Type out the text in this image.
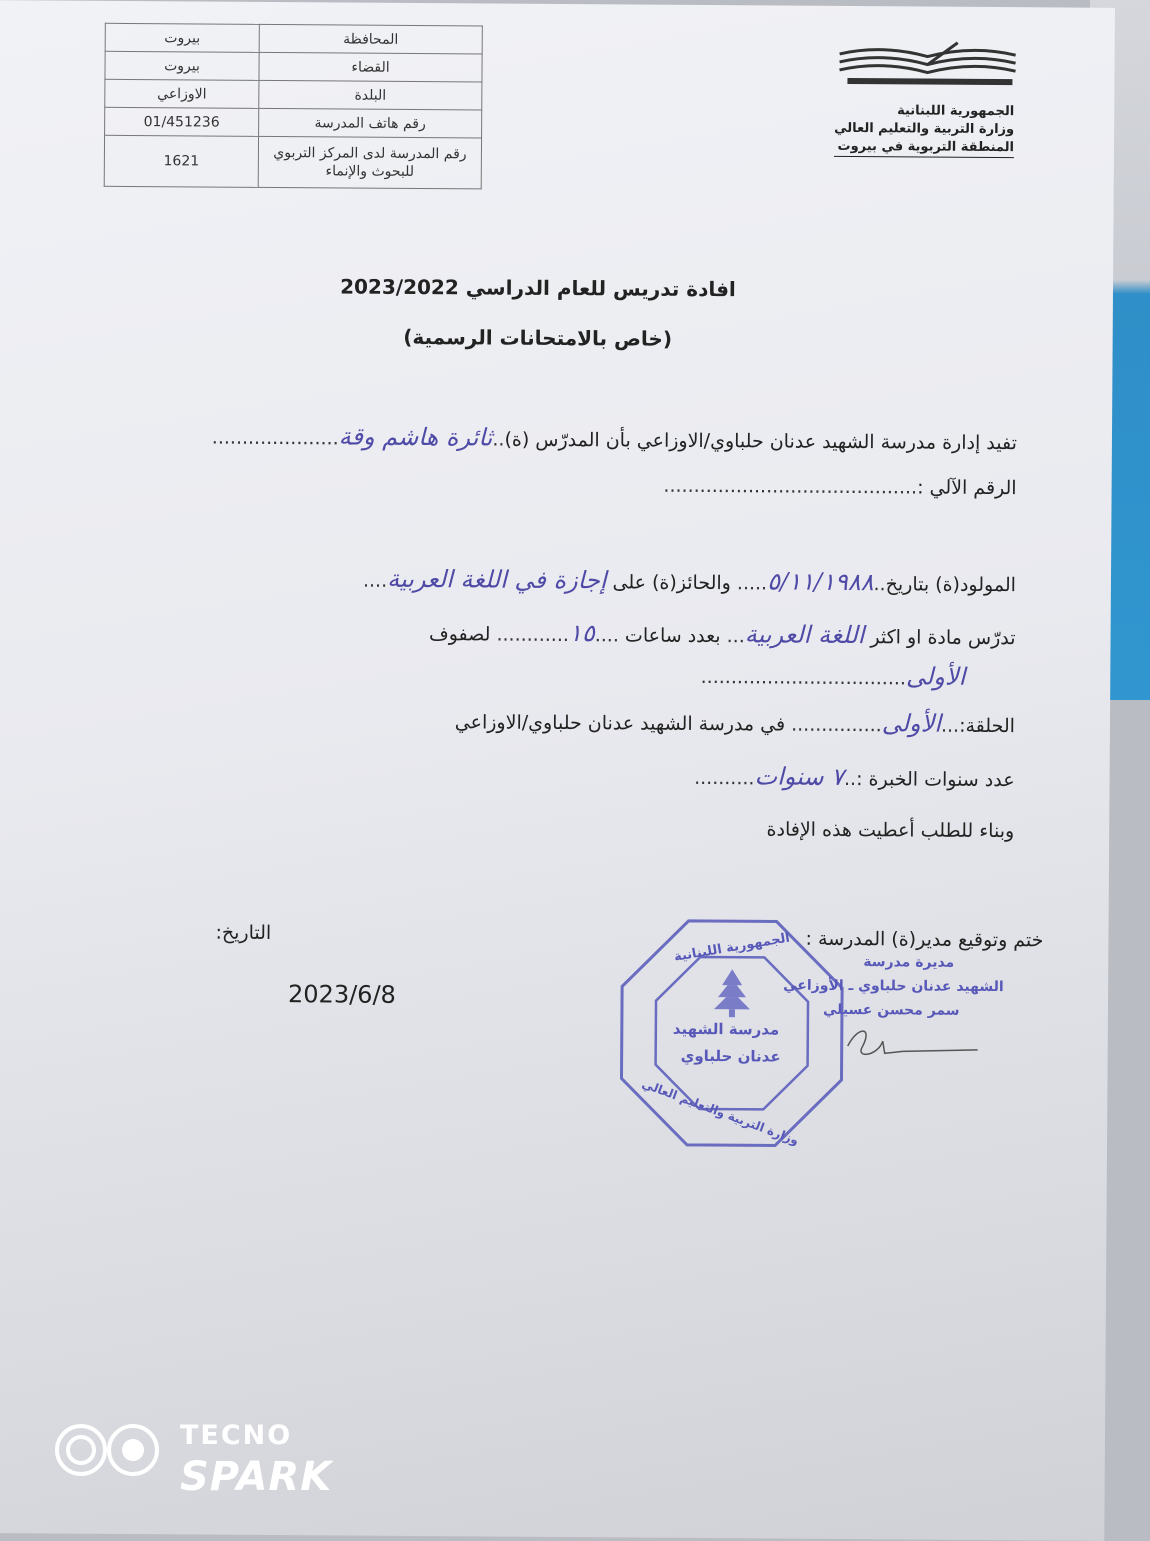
المحافظة	بيروت
القضاء	بيروت
البلدة	الاوزاعي
رقم هاتف المدرسة	01/451236
رقم المدرسة لدى المركز التربوي للبحوث والإنماء	1621
الجمهورية اللبنانية
وزارة التربية والتعليم العالي
المنطقة التربوية في بيروت
افادة تدريس للعام الدراسي 2023/2022
(خاص بالامتحانات الرسمية)
تفيد إدارة مدرسة الشهيد عدنان حلباوي/الاوزاعي بأن المدرّس (ة)..ثائرة هاشم وقة.....................
الرقم الآلي :..........................................
المولود(ة) بتاريخ..٥/١١/١٩٨٨..... والحائز(ة) على إجازة في اللغة العربية....
تدرّس مادة او اكثر اللغة العربية... بعدد ساعات ....١٥............ لصفوف
الأولى..................................
الحلقة:...الأولى............... في مدرسة الشهيد عدنان حلباوي/الاوزاعي
عدد سنوات الخبرة :..٧ سنوات..........
وبناء للطلب أعطيت هذه الإفادة
ختم وتوقيع مدير(ة) المدرسة :
التاريخ:
2023/6/8
مدرسة الشهيد
عدنان حلباوي
الجمهورية اللبنانية
وزارة التربية والتعليم العالي
مديرة مدرسة
الشهيد عدنان حلباوي ـ الأوزاعي
سمر محسن عسيلي
TECNO
SPARK
